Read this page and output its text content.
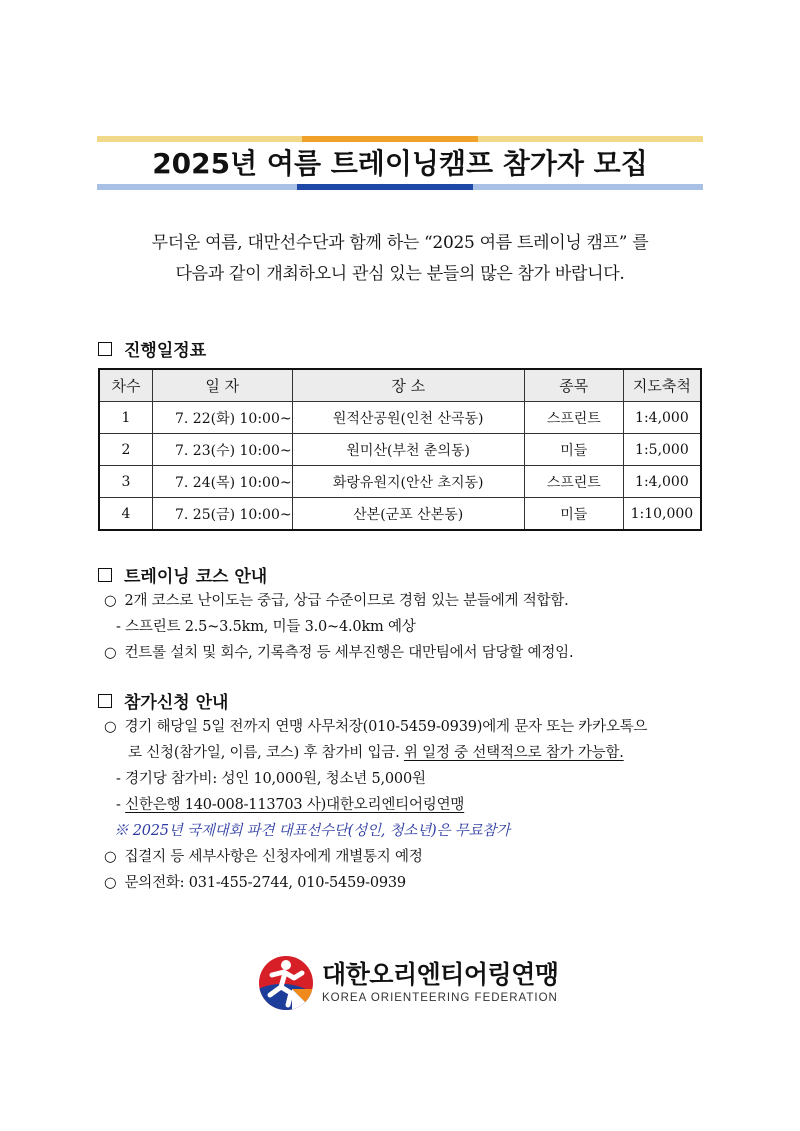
2025년 여름 트레이닝캠프 참가자 모집
무더운 여름, 대만선수단과 함께 하는 “2025 여름 트레이닝 캠프” 를
다음과 같이 개최하오니 관심 있는 분들의 많은 참가 바랍니다.
진행일정표
차수	일 자	장 소	종목	지도축척
1	7. 22(화) 10:00~	원적산공원(인천 산곡동)	스프린트	1:4,000
2	7. 23(수) 10:00~	원미산(부천 춘의동)	미들	1:5,000
3	7. 24(목) 10:00~	화랑유원지(안산 초지동)	스프린트	1:4,000
4	7. 25(금) 10:00~	산본(군포 산본동)	미들	1:10,000
트레이닝 코스 안내
○ 2개 코스로 난이도는 중급, 상급 수준이므로 경험 있는 분들에게 적합함.
- 스프린트 2.5~3.5km, 미들 3.0~4.0km 예상
○ 컨트롤 설치 및 회수, 기록측정 등 세부진행은 대만팀에서 담당할 예정임.
참가신청 안내
○ 경기 해당일 5일 전까지 연맹 사무처장(010-5459-0939)에게 문자 또는 카카오톡으
로 신청(참가일, 이름, 코스) 후 참가비 입금. 위 일정 중 선택적으로 참가 가능함.
- 경기당 참가비: 성인 10,000원, 청소년 5,000원
- 신한은행 140-008-113703 사)대한오리엔티어링연맹
※ 2025년 국제대회 파견 대표선수단(성인, 청소년)은 무료참가
○ 집결지 등 세부사항은 신청자에게 개별통지 예정
○ 문의전화: 031-455-2744, 010-5459-0939
대한오리엔티어링연맹
KOREA ORIENTEERING FEDERATION
